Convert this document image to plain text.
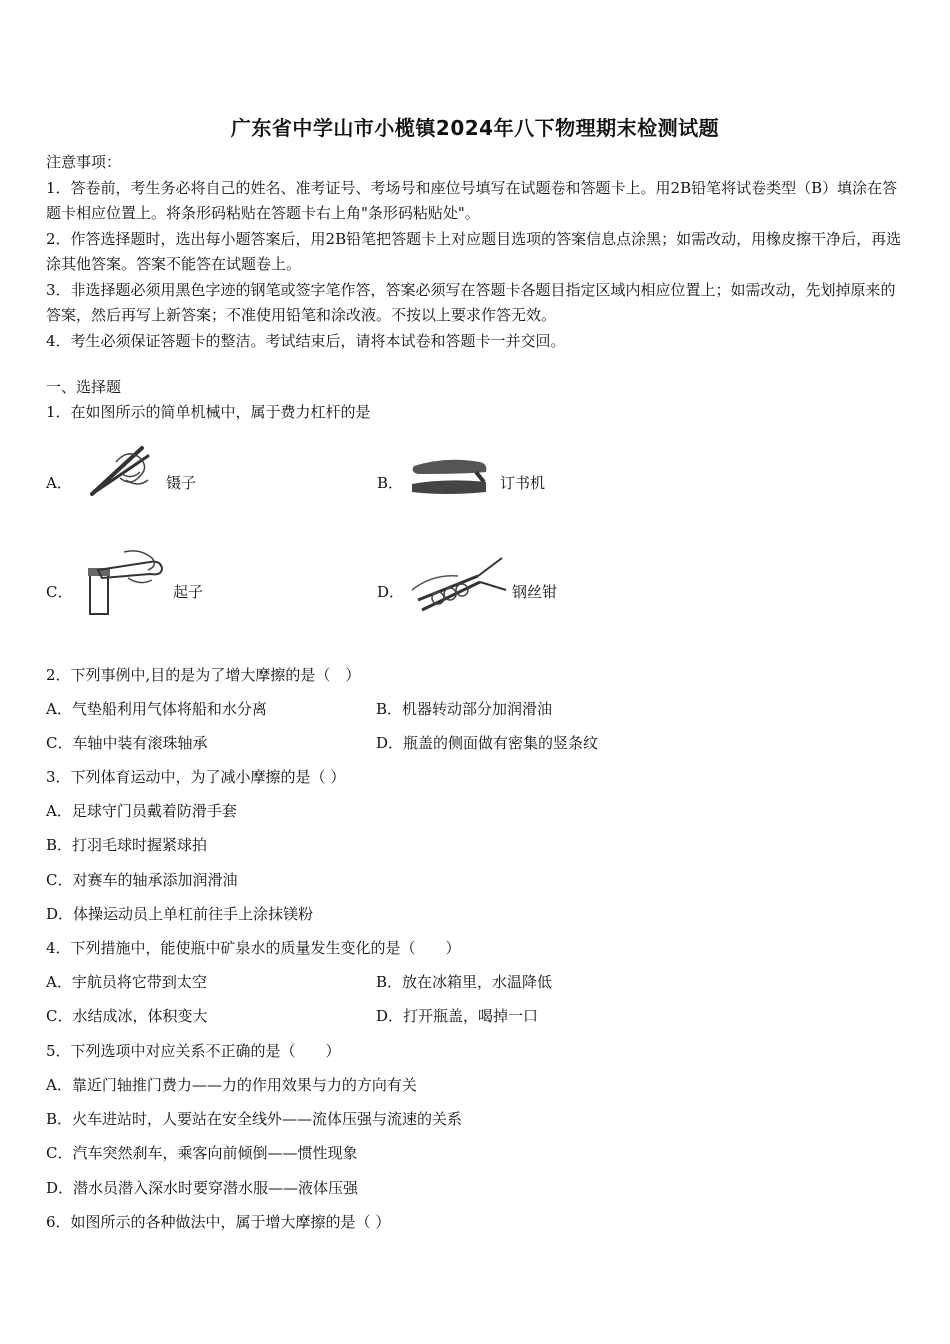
广东省中学山市小榄镇2024年八下物理期末检测试题

注意事项：

1．答卷前，考生务必将自己的姓名、准考证号、考场号和座位号填写在试题卷和答题卡上。用2B铅笔将试卷类型（B）填涂在答题卡相应位置上。将条形码粘贴在答题卡右上角"条形码粘贴处"。

2．作答选择题时，选出每小题答案后，用2B铅笔把答题卡上对应题目选项的答案信息点涂黑；如需改动，用橡皮擦干净后，再选涂其他答案。答案不能答在试题卷上。

3．非选择题必须用黑色字迹的钢笔或签字笔作答，答案必须写在答题卡各题目指定区域内相应位置上；如需改动，先划掉原来的答案，然后再写上新答案；不准使用铅笔和涂改液。不按以上要求作答无效。

4．考生必须保证答题卡的整洁。考试结束后，请将本试卷和答题卡一并交回。

一、选择题
1．在如图所示的简单机械中，属于费力杠杆的是
A．	镊子	B．	订书机
C．	起子	D．	钢丝钳
2．下列事例中,目的是为了增大摩擦的是（　）
A．气垫船利用气体将船和水分离	B．机器转动部分加润滑油
C．车轴中装有滚珠轴承	D．瓶盖的侧面做有密集的竖条纹
3．下列体育运动中，为了减小摩擦的是（ ）
A．足球守门员戴着防滑手套
B．打羽毛球时握紧球拍
C．对赛车的轴承添加润滑油
D．体操运动员上单杠前往手上涂抹镁粉
4．下列措施中，能使瓶中矿泉水的质量发生变化的是（　　）
A．宇航员将它带到太空	B．放在冰箱里，水温降低
C．水结成冰，体积变大	D．打开瓶盖，喝掉一口
5．下列选项中对应关系不正确的是（　　）
A．靠近门轴推门费力——力的作用效果与力的方向有关
B．火车进站时，人要站在安全线外——流体压强与流速的关系
C．汽车突然刹车，乘客向前倾倒——惯性现象
D．潜水员潜入深水时要穿潜水服——液体压强
6．如图所示的各种做法中，属于增大摩擦的是（ ）
